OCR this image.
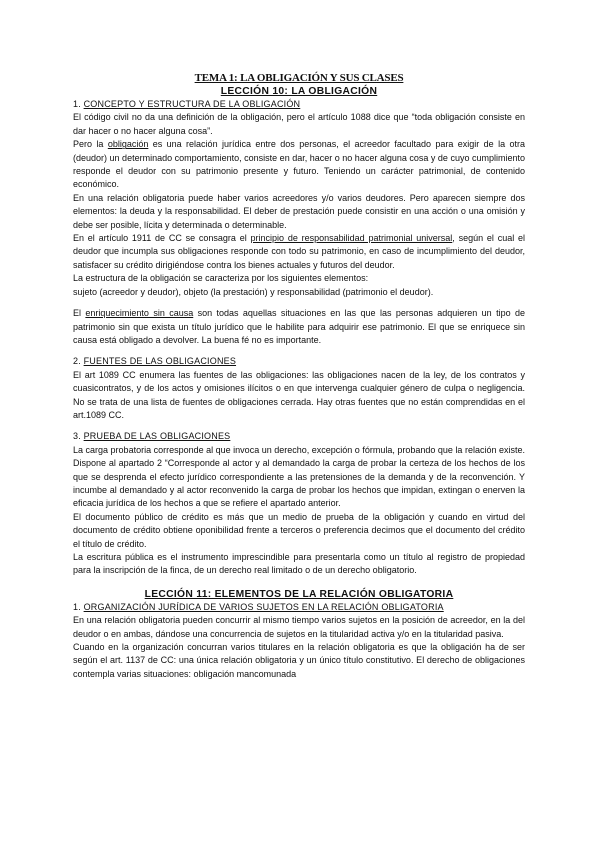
TEMA 1: LA OBLIGACIÓN Y SUS CLASES
LECCIÓN 10: LA OBLIGACIÓN
1. CONCEPTO Y ESTRUCTURA DE LA OBLIGACIÓN

El código civil no da una definición de la obligación, pero el artículo 1088 dice que “toda obligación consiste en dar hacer o no hacer alguna cosa”.

Pero la obligación es una relación jurídica entre dos personas, el acreedor facultado para exigir de la otra (deudor) un determinado comportamiento, consiste en dar, hacer o no hacer alguna cosa y de cuyo cumplimiento responde el deudor con su patrimonio presente y futuro. Teniendo un carácter patrimonial, de contenido económico.

En una relación obligatoria puede haber varios acreedores y/o varios deudores. Pero aparecen siempre dos elementos: la deuda y la responsabilidad. El deber de prestación puede consistir en una acción o una omisión y debe ser posible, lícita y determinada o determinable.

En el artículo 1911 de CC se consagra el principio de responsabilidad patrimonial universal, según el cual el deudor que incumpla sus obligaciones responde con todo su patrimonio, en caso de incumplimiento del deudor, satisfacer su crédito dirigiéndose contra los bienes actuales y futuros del deudor.

La estructura de la obligación se caracteriza por los siguientes elementos:

sujeto (acreedor y deudor), objeto (la prestación) y responsabilidad (patrimonio el deudor).

El enriquecimiento sin causa son todas aquellas situaciones en las que las personas adquieren un tipo de patrimonio sin que exista un título jurídico que le habilite para adquirir ese patrimonio. El que se enriquece sin causa está obligado a devolver. La buena fé no es importante.

2. FUENTES DE LAS OBLIGACIONES

El art 1089 CC enumera las fuentes de las obligaciones: las obligaciones nacen de la ley, de los contratos y cuasicontratos, y de los actos y omisiones ilícitos o en que intervenga cualquier género de culpa o negligencia. No se trata de una lista de fuentes de obligaciones cerrada. Hay otras fuentes que no están comprendidas en el art.1089 CC.

3. PRUEBA DE LAS OBLIGACIONES

La carga probatoria corresponde al que invoca un derecho, excepción o fórmula, probando que la relación existe. Dispone al apartado 2 “Corresponde al actor y al demandado la carga de probar la certeza de los hechos de los que se desprenda el efecto jurídico correspondiente a las pretensiones de la demanda y de la reconvención. Y incumbe al demandado y al actor reconvenido la carga de probar los hechos que impidan, extingan o enerven la eficacia jurídica de los hechos a que se refiere el apartado anterior.

El documento público de crédito es más que un medio de prueba de la obligación y cuando en virtud del documento de crédito obtiene oponibilidad frente a terceros o preferencia decimos que el documento del crédito el título de crédito.

La escritura pública es el instrumento imprescindible para presentarla como un título al registro de propiedad para la inscripción de la finca, de un derecho real limitado o de un derecho obligatorio.

LECCIÓN 11: ELEMENTOS DE LA RELACIÓN OBLIGATORIA
1. ORGANIZACIÓN JURÍDICA DE VARIOS SUJETOS EN LA RELACIÓN OBLIGATORIA

En una relación obligatoria pueden concurrir al mismo tiempo varios sujetos en la posición de acreedor, en la del deudor o en ambas, dándose una concurrencia de sujetos en la titularidad activa y/o en la titularidad pasiva.

Cuando en la organización concurran varios titulares en la relación obligatoria es que la obligación ha de ser según el art. 1137 de CC: una única relación obligatoria y un único título constitutivo. El derecho de obligaciones contempla varias situaciones: obligación mancomunada
